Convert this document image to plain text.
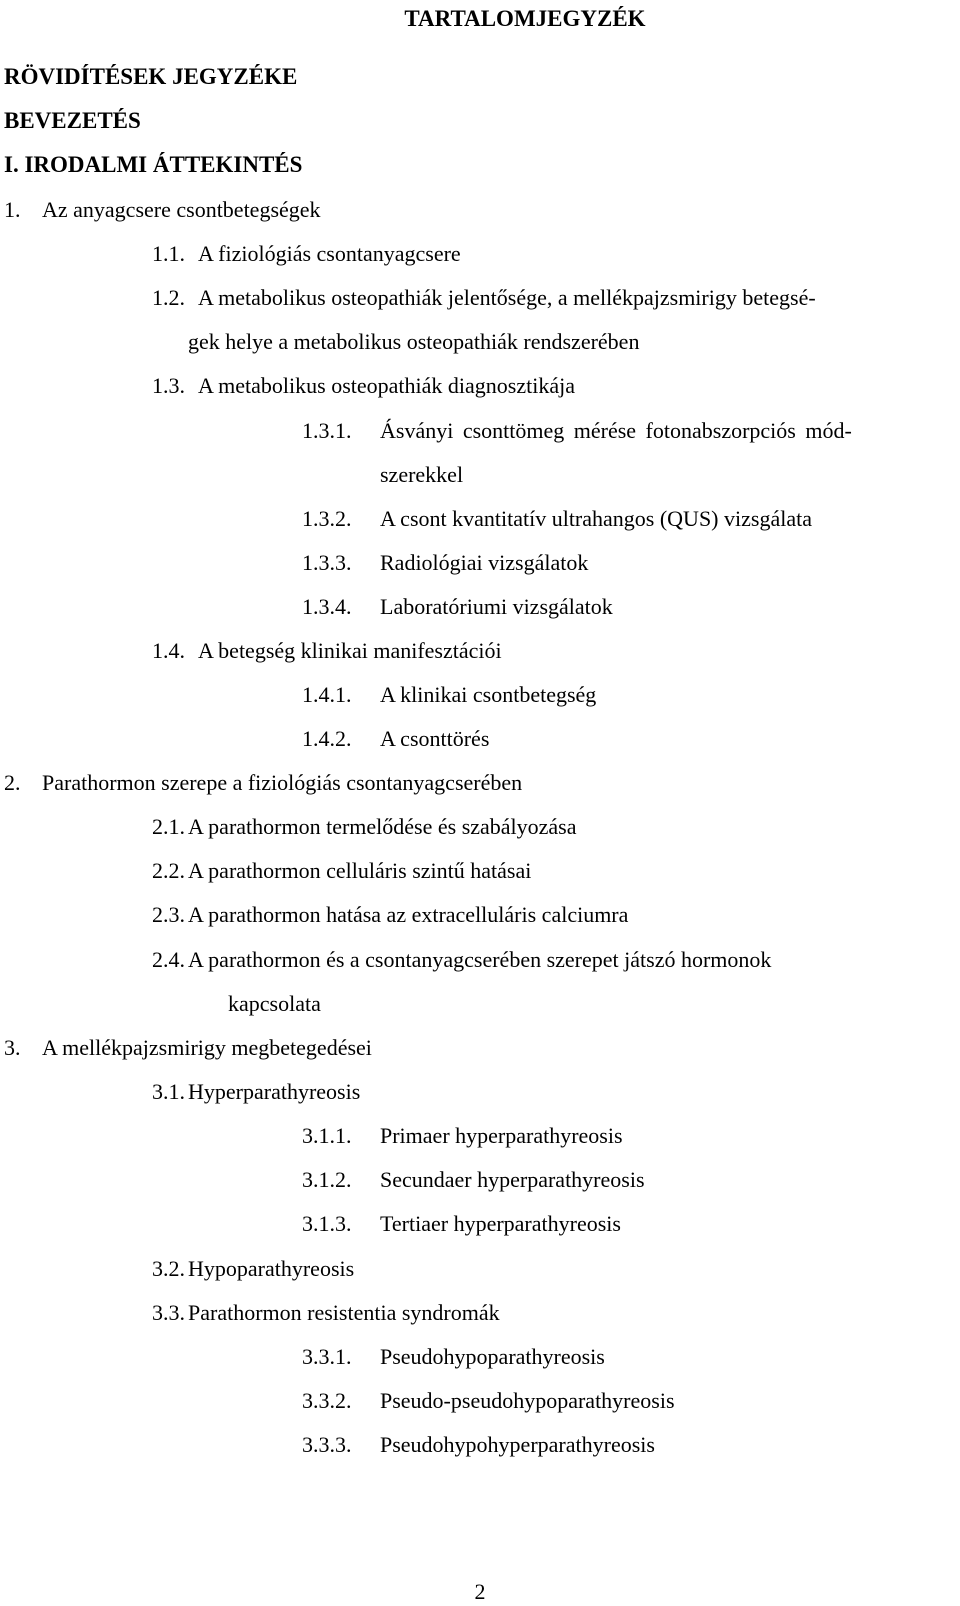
TARTALOMJEGYZÉK
RÖVIDÍTÉSEK JEGYZÉKE
BEVEZETÉS
I. IRODALMI ÁTTEKINTÉS
1. Az anyagcsere csontbetegségek
1.1. A fiziológiás csontanyagcsere
1.2. A metabolikus osteopathiák jelentősége, a mellékpajzsmirigy betegsé-
gek helye a metabolikus osteopathiák rendszerében
1.3. A metabolikus osteopathiák diagnosztikája
1.3.1. Ásványi csonttömeg mérése fotonabszorpciós mód-
szerekkel
1.3.2. A csont kvantitatív ultrahangos (QUS) vizsgálata
1.3.3. Radiológiai vizsgálatok
1.3.4. Laboratóriumi vizsgálatok
1.4. A betegség klinikai manifesztációi
1.4.1. A klinikai csontbetegség
1.4.2. A csonttörés
2. Parathormon szerepe a fiziológiás csontanyagcserében
2.1. A parathormon termelődése és szabályozása
2.2. A parathormon celluláris szintű hatásai
2.3. A parathormon hatása az extracelluláris calciumra
2.4. A parathormon és a csontanyagcserében szerepet játszó hormonok
kapcsolata
3. A mellékpajzsmirigy megbetegedései
3.1. Hyperparathyreosis
3.1.1. Primaer hyperparathyreosis
3.1.2. Secundaer hyperparathyreosis
3.1.3. Tertiaer hyperparathyreosis
3.2. Hypoparathyreosis
3.3. Parathormon resistentia syndromák
3.3.1. Pseudohypoparathyreosis
3.3.2. Pseudo-pseudohypoparathyreosis
3.3.3. Pseudohypohyperparathyreosis
2
